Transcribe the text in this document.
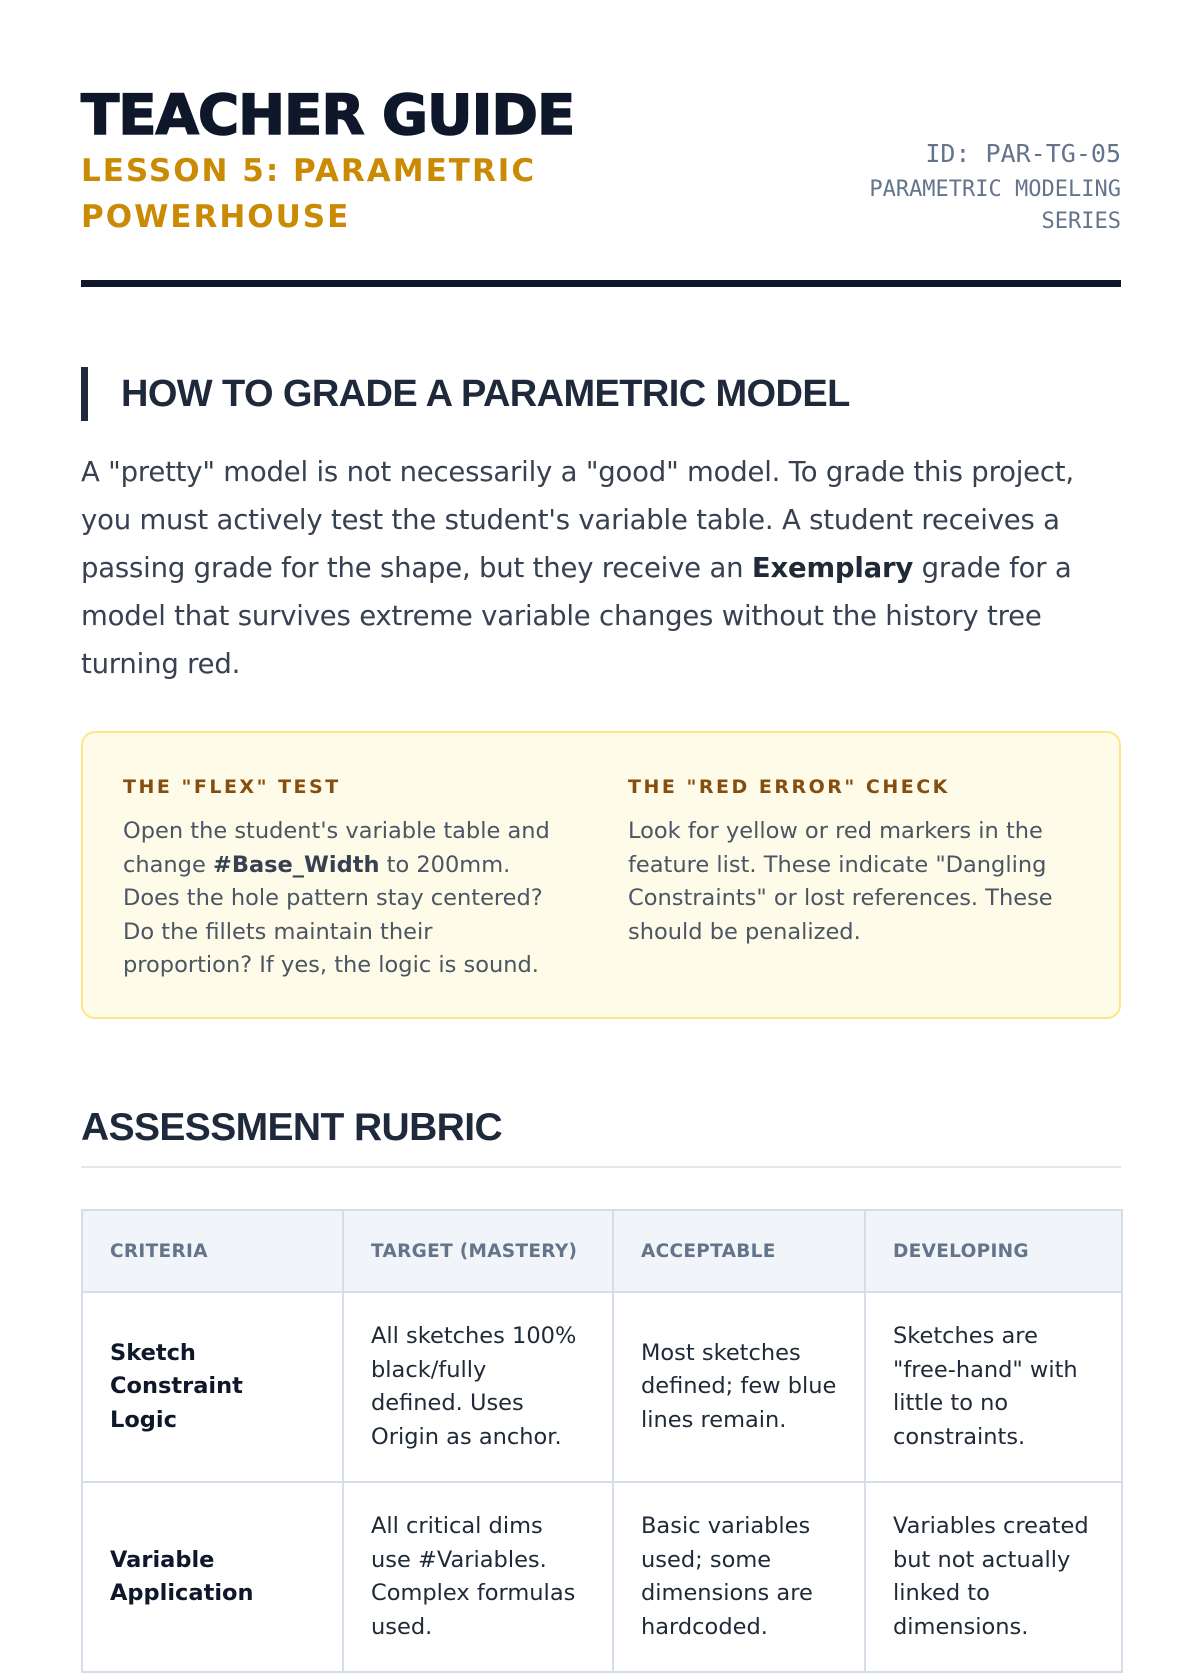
TEACHER GUIDE
LESSON 5: PARAMETRIC POWERHOUSE
ID: PAR-TG-05
PARAMETRIC MODELING SERIES
HOW TO GRADE A PARAMETRIC MODEL

A "pretty" model is not necessarily a "good" model. To grade this project, you must actively test the student's variable table. A student receives a passing grade for the shape, but they receive an Exemplary grade for a model that survives extreme variable changes without the history tree turning red.

THE "FLEX" TEST

Open the student's variable table and change #Base_Width to 200mm. Does the hole pattern stay centered? Do the fillets maintain their proportion? If yes, the logic is sound.

THE "RED ERROR" CHECK

Look for yellow or red markers in the feature list. These indicate "Dangling Constraints" or lost references. These should be penalized.

ASSESSMENT RUBRIC
CRITERIA	TARGET (MASTERY)	ACCEPTABLE	DEVELOPING
Sketch Constraint Logic	All sketches 100% black/fully defined. Uses Origin as anchor.	Most sketches defined; few blue lines remain.	Sketches are "free-hand" with little to no constraints.
Variable Application	All critical dims use #Variables. Complex formulas used.	Basic variables used; some dimensions are hardcoded.	Variables created but not actually linked to dimensions.
